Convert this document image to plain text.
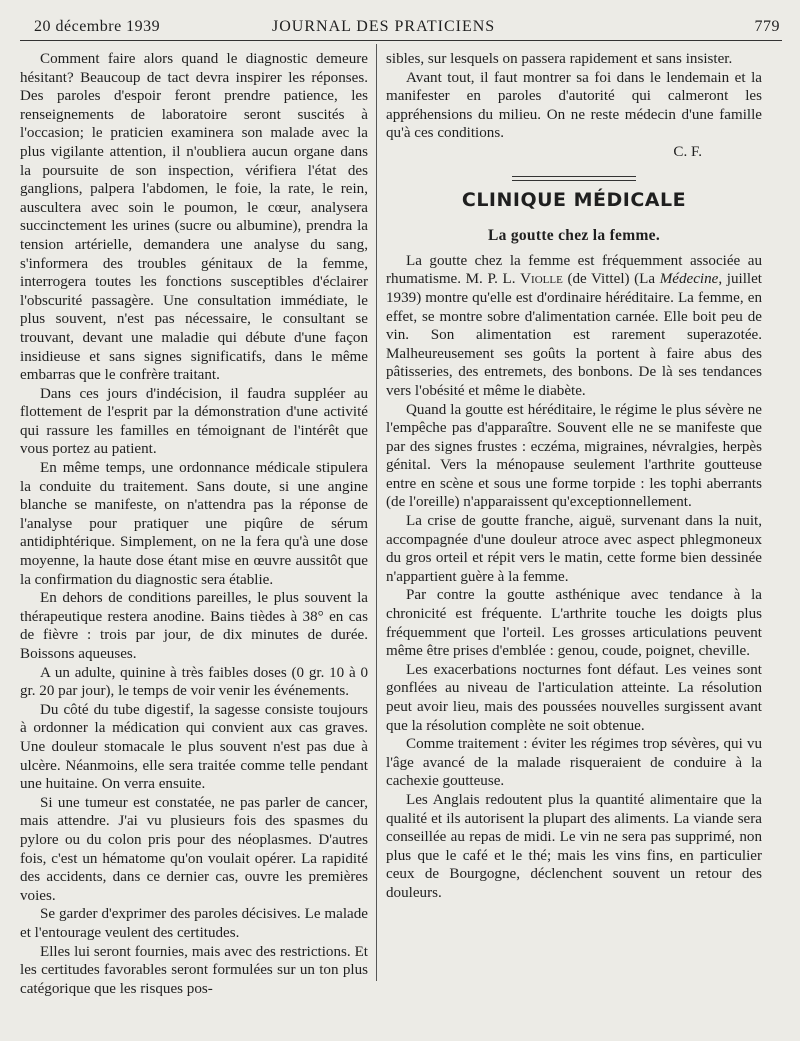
20 décembre 1939	JOURNAL DES PRATICIENS	779

Comment faire alors quand le diagnostic demeure hésitant? Beaucoup de tact devra inspirer les réponses. Des paroles d'espoir feront prendre patience, les renseignements de laboratoire seront suscités à l'occasion; le praticien examinera son malade avec la plus vigilante attention, il n'oubliera aucun organe dans la poursuite de son inspection, vérifiera l'état des ganglions, palpera l'abdomen, le foie, la rate, le rein, auscultera avec soin le poumon, le cœur, analysera succinctement les urines (sucre ou albumine), prendra la tension artérielle, demandera une analyse du sang, s'informera des troubles génitaux de la femme, interrogera toutes les fonctions susceptibles d'éclairer l'obscurité passagère. Une consultation immédiate, le plus souvent, n'est pas nécessaire, le consultant se trouvant, devant une maladie qui débute d'une façon insidieuse et sans signes significatifs, dans le même embarras que le confrère traitant.

Dans ces jours d'indécision, il faudra suppléer au flottement de l'esprit par la démonstration d'une activité qui rassure les familles en témoignant de l'intérêt que vous portez au patient.

En même temps, une ordonnance médicale stipulera la conduite du traitement. Sans doute, si une angine blanche se manifeste, on n'attendra pas la réponse de l'analyse pour pratiquer une piqûre de sérum antidiphtérique. Simplement, on ne la fera qu'à une dose moyenne, la haute dose étant mise en œuvre aussitôt que la confirmation du diagnostic sera établie.

En dehors de conditions pareilles, le plus souvent la thérapeutique restera anodine. Bains tièdes à 38° en cas de fièvre : trois par jour, de dix minutes de durée. Boissons aqueuses.

A un adulte, quinine à très faibles doses (0 gr. 10 à 0 gr. 20 par jour), le temps de voir venir les événements.

Du côté du tube digestif, la sagesse consiste toujours à ordonner la médication qui convient aux cas graves. Une douleur stomacale le plus souvent n'est pas due à ulcère. Néanmoins, elle sera traitée comme telle pendant une huitaine. On verra ensuite.

Si une tumeur est constatée, ne pas parler de cancer, mais attendre. J'ai vu plusieurs fois des spasmes du pylore ou du colon pris pour des néoplasmes. D'autres fois, c'est un hématome qu'on voulait opérer. La rapidité des accidents, dans ce dernier cas, ouvre les premières voies.

Se garder d'exprimer des paroles décisives. Le malade et l'entourage veulent des certitudes.

Elles lui seront fournies, mais avec des restrictions. Et les certitudes favorables seront formulées sur un ton plus catégorique que les risques pos-

sibles, sur lesquels on passera rapidement et sans insister.

Avant tout, il faut montrer sa foi dans le lendemain et la manifester en paroles d'autorité qui calmeront les appréhensions du milieu. On ne reste médecin d'une famille qu'à ces conditions.

C. F.

CLINIQUE MÉDICALE
La goutte chez la femme.

La goutte chez la femme est fréquemment associée au rhumatisme. M. P. L. Violle (de Vittel) (La Médecine, juillet 1939) montre qu'elle est d'ordinaire héréditaire. La femme, en effet, se montre sobre d'alimentation carnée. Elle boit peu de vin. Son alimentation est rarement superazotée. Malheureusement ses goûts la portent à faire abus des pâtisseries, des entremets, des bonbons. De là ses tendances vers l'obésité et même le diabète.

Quand la goutte est héréditaire, le régime le plus sévère ne l'empêche pas d'apparaître. Souvent elle ne se manifeste que par des signes frustes : eczéma, migraines, névralgies, herpès génital. Vers la ménopause seulement l'arthrite goutteuse entre en scène et sous une forme torpide : les tophi aberrants (de l'oreille) n'apparaissent qu'exceptionnellement.

La crise de goutte franche, aiguë, survenant dans la nuit, accompagnée d'une douleur atroce avec aspect phlegmoneux du gros orteil et répit vers le matin, cette forme bien dessinée n'appartient guère à la femme.

Par contre la goutte asthénique avec tendance à la chronicité est fréquente. L'arthrite touche les doigts plus fréquemment que l'orteil. Les grosses articulations peuvent même être prises d'emblée : genou, coude, poignet, cheville.

Les exacerbations nocturnes font défaut. Les veines sont gonflées au niveau de l'articulation atteinte. La résolution peut avoir lieu, mais des poussées nouvelles surgissent avant que la résolution complète ne soit obtenue.

Comme traitement : éviter les régimes trop sévères, qui vu l'âge avancé de la malade risqueraient de conduire à la cachexie goutteuse.

Les Anglais redoutent plus la quantité alimentaire que la qualité et ils autorisent la plupart des aliments. La viande sera conseillée au repas de midi. Le vin ne sera pas supprimé, non plus que le café et le thé; mais les vins fins, en particulier ceux de Bourgogne, déclenchent souvent un retour des douleurs.
